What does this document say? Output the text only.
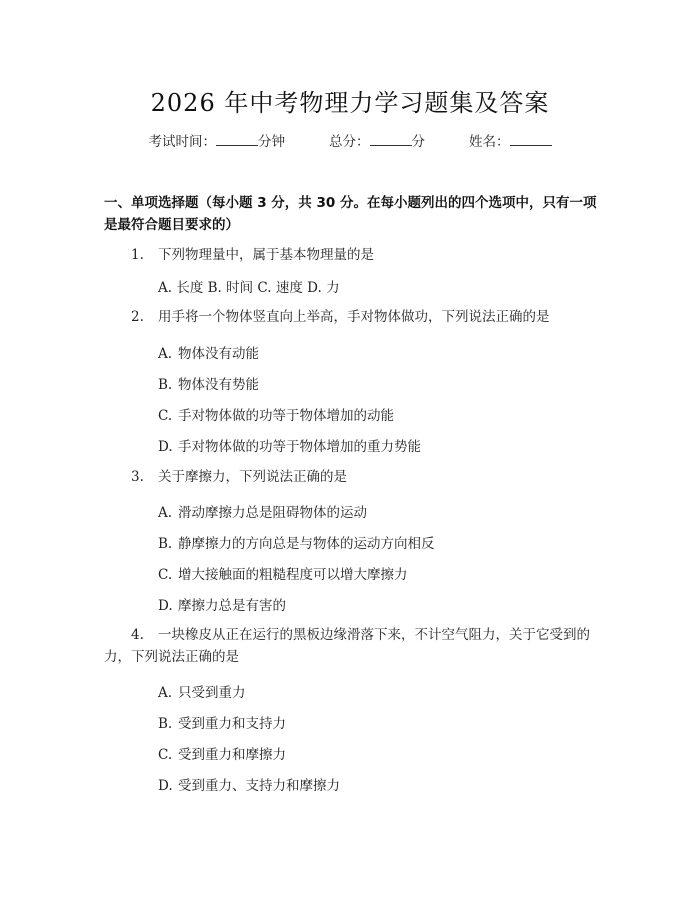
2026 年中考物理力学习题集及答案
考试时间：	分钟	总分：	分	姓名：
一、单项选择题（每小题 3 分，共 30 分。在每小题列出的四个选项中，只有一项是最符合题目要求的）
1. 下列物理量中，属于基本物理量的是
A. 长度 B. 时间 C. 速度 D. 力
2. 用手将一个物体竖直向上举高，手对物体做功，下列说法正确的是
A. 物体没有动能
B. 物体没有势能
C. 手对物体做的功等于物体增加的动能
D. 手对物体做的功等于物体增加的重力势能
3. 关于摩擦力，下列说法正确的是
A. 滑动摩擦力总是阻碍物体的运动
B. 静摩擦力的方向总是与物体的运动方向相反
C. 增大接触面的粗糙程度可以增大摩擦力
D. 摩擦力总是有害的
4. 一块橡皮从正在运行的黑板边缘滑落下来，不计空气阻力，关于它受到的力，下列说法正确的是
A. 只受到重力
B. 受到重力和支持力
C. 受到重力和摩擦力
D. 受到重力、支持力和摩擦力
